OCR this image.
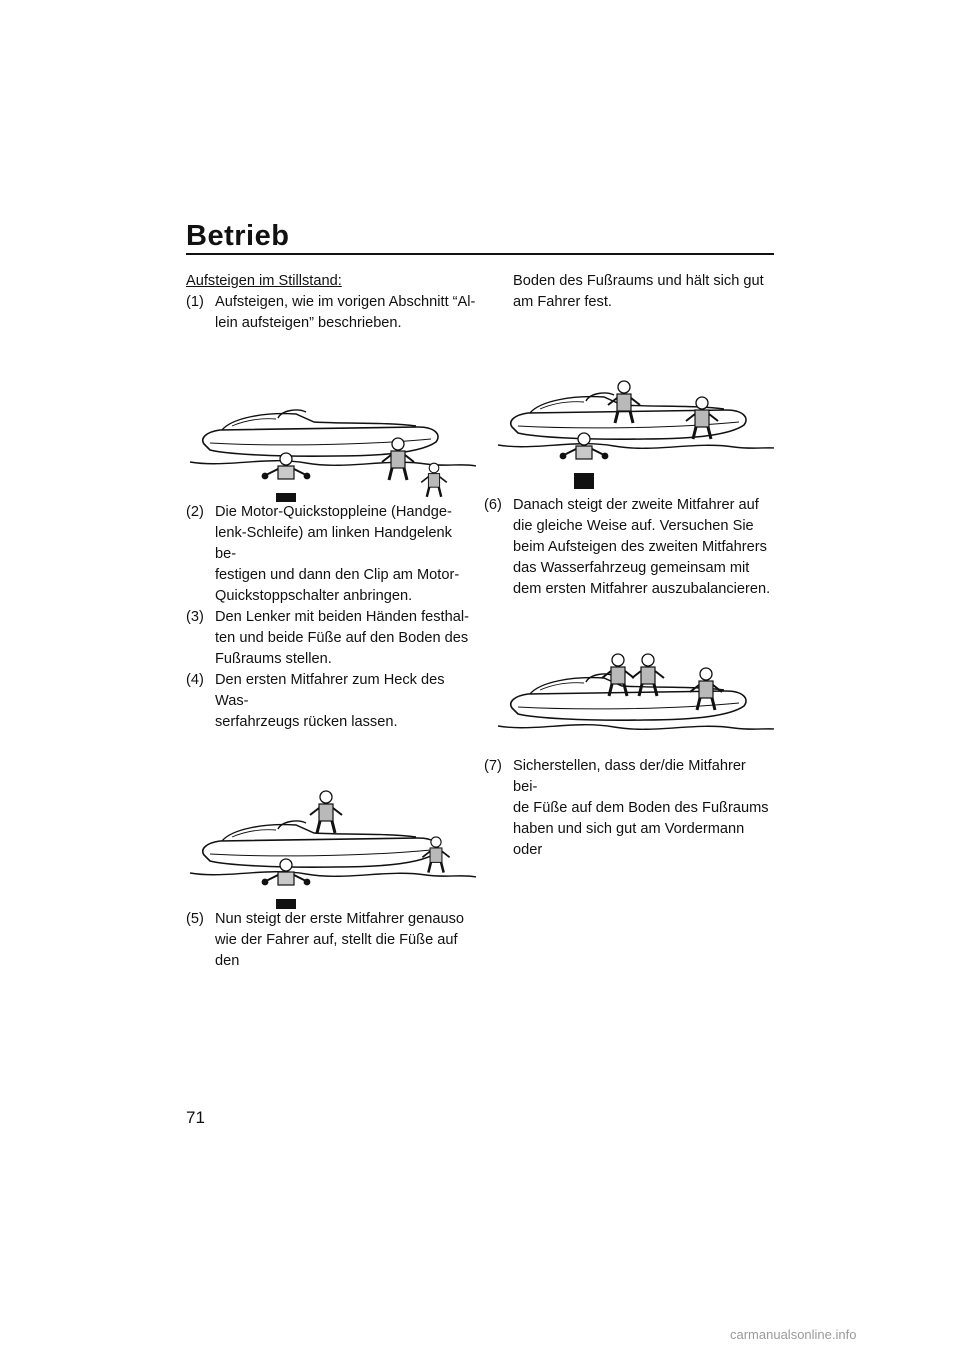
Betrieb

Aufsteigen im Stillstand:

(1) Aufsteigen, wie im vorigen Abschnitt “Al-
lein aufsteigen” beschrieben.
(2) Die Motor-Quickstoppleine (Handge-
lenk-Schleife) am linken Handgelenk be-
festigen und dann den Clip am Motor-
Quickstoppschalter anbringen.
(3) Den Lenker mit beiden Händen festhal-
ten und beide Füße auf den Boden des
Fußraums stellen.
(4) Den ersten Mitfahrer zum Heck des Was-
serfahrzeugs rücken lassen.
(5) Nun steigt der erste Mitfahrer genauso
wie der Fahrer auf, stellt die Füße auf den
Boden des Fußraums und hält sich gut
am Fahrer fest.
(6) Danach steigt der zweite Mitfahrer auf
die gleiche Weise auf. Versuchen Sie
beim Aufsteigen des zweiten Mitfahrers
das Wasserfahrzeug gemeinsam mit
dem ersten Mitfahrer auszubalancieren.
(7) Sicherstellen, dass der/die Mitfahrer bei-
de Füße auf dem Boden des Fußraums
haben und sich gut am Vordermann oder

71

carmanualsonline.info
